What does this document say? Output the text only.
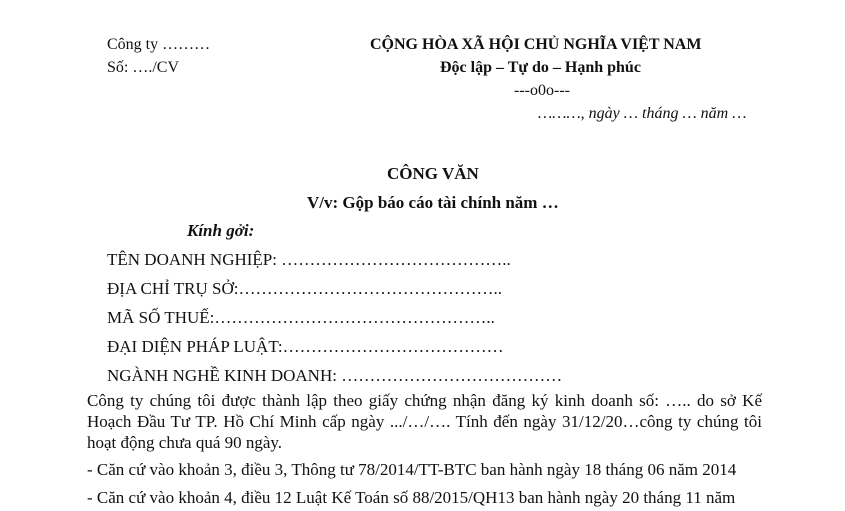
Công ty ………
Số: …./CV
CỘNG HÒA XÃ HỘI CHỦ NGHĨA VIỆT NAM
Độc lập – Tự do – Hạnh phúc
---o0o---
………, ngày … tháng … năm …
CÔNG VĂN
V/v: Gộp báo cáo tài chính năm …
Kính gởi:
TÊN DOANH NGHIỆP: …………………………………..
ĐỊA CHỈ TRỤ SỞ:………………………………………..
MÃ SỐ THUẾ:…………………………………………..
ĐẠI DIỆN PHÁP LUẬT:…………………………………
NGÀNH NGHỀ KINH DOANH: …………………………………
Công ty chúng tôi được thành lập theo giấy chứng nhận đăng ký kinh doanh số: ….. do sở Kế Hoạch Đầu Tư TP. Hồ Chí Minh cấp ngày .../…/…. Tính đến ngày 31/12/20…công ty chúng tôi hoạt động chưa quá 90 ngày.
- Căn cứ vào khoản 3, điều 3, Thông tư 78/2014/TT-BTC ban hành ngày 18 tháng 06 năm 2014
- Căn cứ vào khoản 4, điều 12 Luật Kế Toán số 88/2015/QH13 ban hành ngày 20 tháng 11 năm
